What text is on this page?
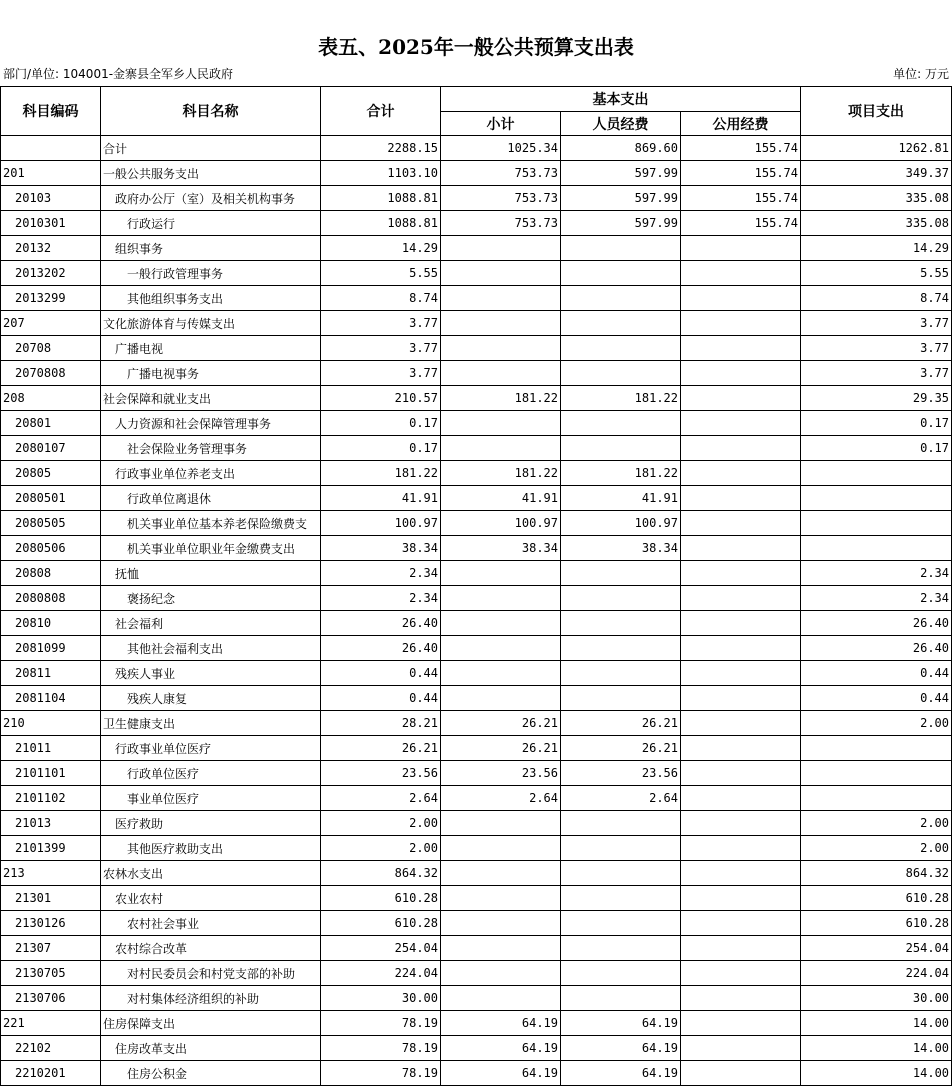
表五、2025年一般公共预算支出表
部门/单位: 104001-金寨县全军乡人民政府	单位: 万元
科目编码	科目名称	合计	基本支出			项目支出
			小计	人员经费	公用经费	
	合计	2288.15	1025.34	869.60	155.74	1262.81
201	一般公共服务支出	1103.10	753.73	597.99	155.74	349.37
20103	政府办公厅（室）及相关机构事务	1088.81	753.73	597.99	155.74	335.08
2010301	行政运行	1088.81	753.73	597.99	155.74	335.08
20132	组织事务	14.29				14.29
2013202	一般行政管理事务	5.55				5.55
2013299	其他组织事务支出	8.74				8.74
207	文化旅游体育与传媒支出	3.77				3.77
20708	广播电视	3.77				3.77
2070808	广播电视事务	3.77				3.77
208	社会保障和就业支出	210.57	181.22	181.22		29.35
20801	人力资源和社会保障管理事务	0.17				0.17
2080107	社会保险业务管理事务	0.17				0.17
20805	行政事业单位养老支出	181.22	181.22	181.22		
2080501	行政单位离退休	41.91	41.91	41.91		
2080505	机关事业单位基本养老保险缴费支	100.97	100.97	100.97		
2080506	机关事业单位职业年金缴费支出	38.34	38.34	38.34		
20808	抚恤	2.34				2.34
2080808	褒扬纪念	2.34				2.34
20810	社会福利	26.40				26.40
2081099	其他社会福利支出	26.40				26.40
20811	残疾人事业	0.44				0.44
2081104	残疾人康复	0.44				0.44
210	卫生健康支出	28.21	26.21	26.21		2.00
21011	行政事业单位医疗	26.21	26.21	26.21		
2101101	行政单位医疗	23.56	23.56	23.56		
2101102	事业单位医疗	2.64	2.64	2.64		
21013	医疗救助	2.00				2.00
2101399	其他医疗救助支出	2.00				2.00
213	农林水支出	864.32				864.32
21301	农业农村	610.28				610.28
2130126	农村社会事业	610.28				610.28
21307	农村综合改革	254.04				254.04
2130705	对村民委员会和村党支部的补助	224.04				224.04
2130706	对村集体经济组织的补助	30.00				30.00
221	住房保障支出	78.19	64.19	64.19		14.00
22102	住房改革支出	78.19	64.19	64.19		14.00
2210201	住房公积金	78.19	64.19	64.19		14.00
